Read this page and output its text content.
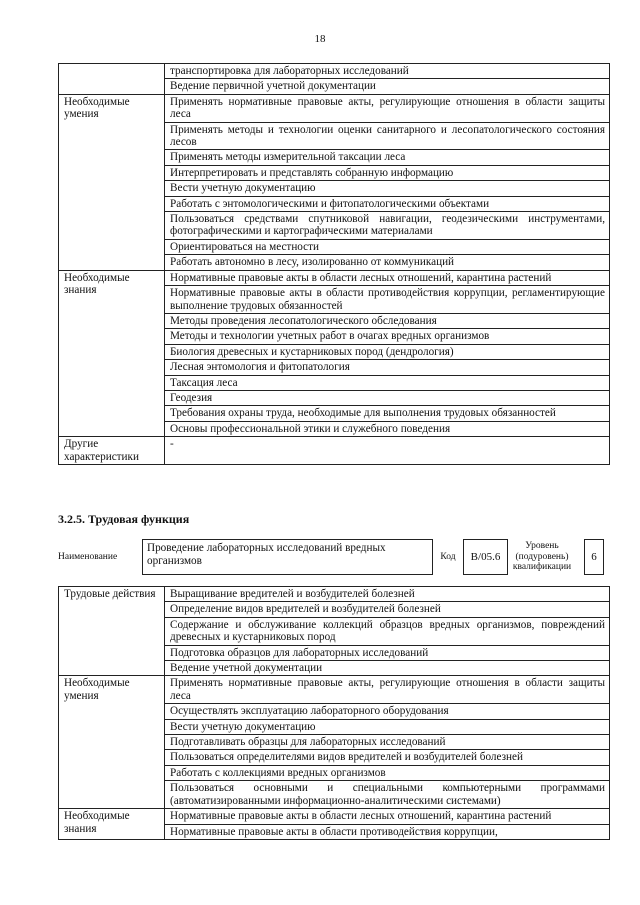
18
	транспортировка для лабораторных исследований
	Ведение первичной учетной документации
Необходимые умения	Применять нормативные правовые акты, регулирующие отношения в области защиты леса
	Применять методы и технологии оценки санитарного и лесопатологического состояния лесов
	Применять методы измерительной таксации леса
	Интерпретировать и представлять собранную информацию
	Вести учетную документацию
	Работать с энтомологическими и фитопатологическими объектами
	Пользоваться средствами спутниковой навигации, геодезическими инструментами, фотографическими и картографическими материалами
	Ориентироваться на местности
	Работать автономно в лесу, изолированно от коммуникаций
Необходимые знания	Нормативные правовые акты в области лесных отношений, карантина растений
	Нормативные правовые акты в области противодействия коррупции, регламентирующие выполнение трудовых обязанностей
	Методы проведения лесопатологического обследования
	Методы и технологии учетных работ в очагах вредных организмов
	Биология древесных и кустарниковых пород (дендрология)
	Лесная энтомология и фитопатология
	Таксация леса
	Геодезия
	Требования охраны труда, необходимые для выполнения трудовых обязанностей
	Основы профессиональной этики и служебного поведения
Другие характеристики	-
3.2.5. Трудовая функция
Наименование
Проведение лабораторных исследований вредных организмов	Код	B/05.6
Уровень (подуровень) квалификации
6
Трудовые действия	Выращивание вредителей и возбудителей болезней
	Определение видов вредителей и возбудителей болезней
	Содержание и обслуживание коллекций образцов вредных организмов, повреждений древесных и кустарниковых пород
	Подготовка образцов для лабораторных исследований
	Ведение учетной документации
Необходимые умения	Применять нормативные правовые акты, регулирующие отношения в области защиты леса
	Осуществлять эксплуатацию лабораторного оборудования
	Вести учетную документацию
	Подготавливать образцы для лабораторных исследований
	Пользоваться определителями видов вредителей и возбудителей болезней
	Работать с коллекциями вредных организмов
	Пользоваться основными и специальными компьютерными программами (автоматизированными информационно-аналитическими системами)
Необходимые знания	Нормативные правовые акты в области лесных отношений, карантина растений
	Нормативные правовые акты в области противодействия коррупции,
